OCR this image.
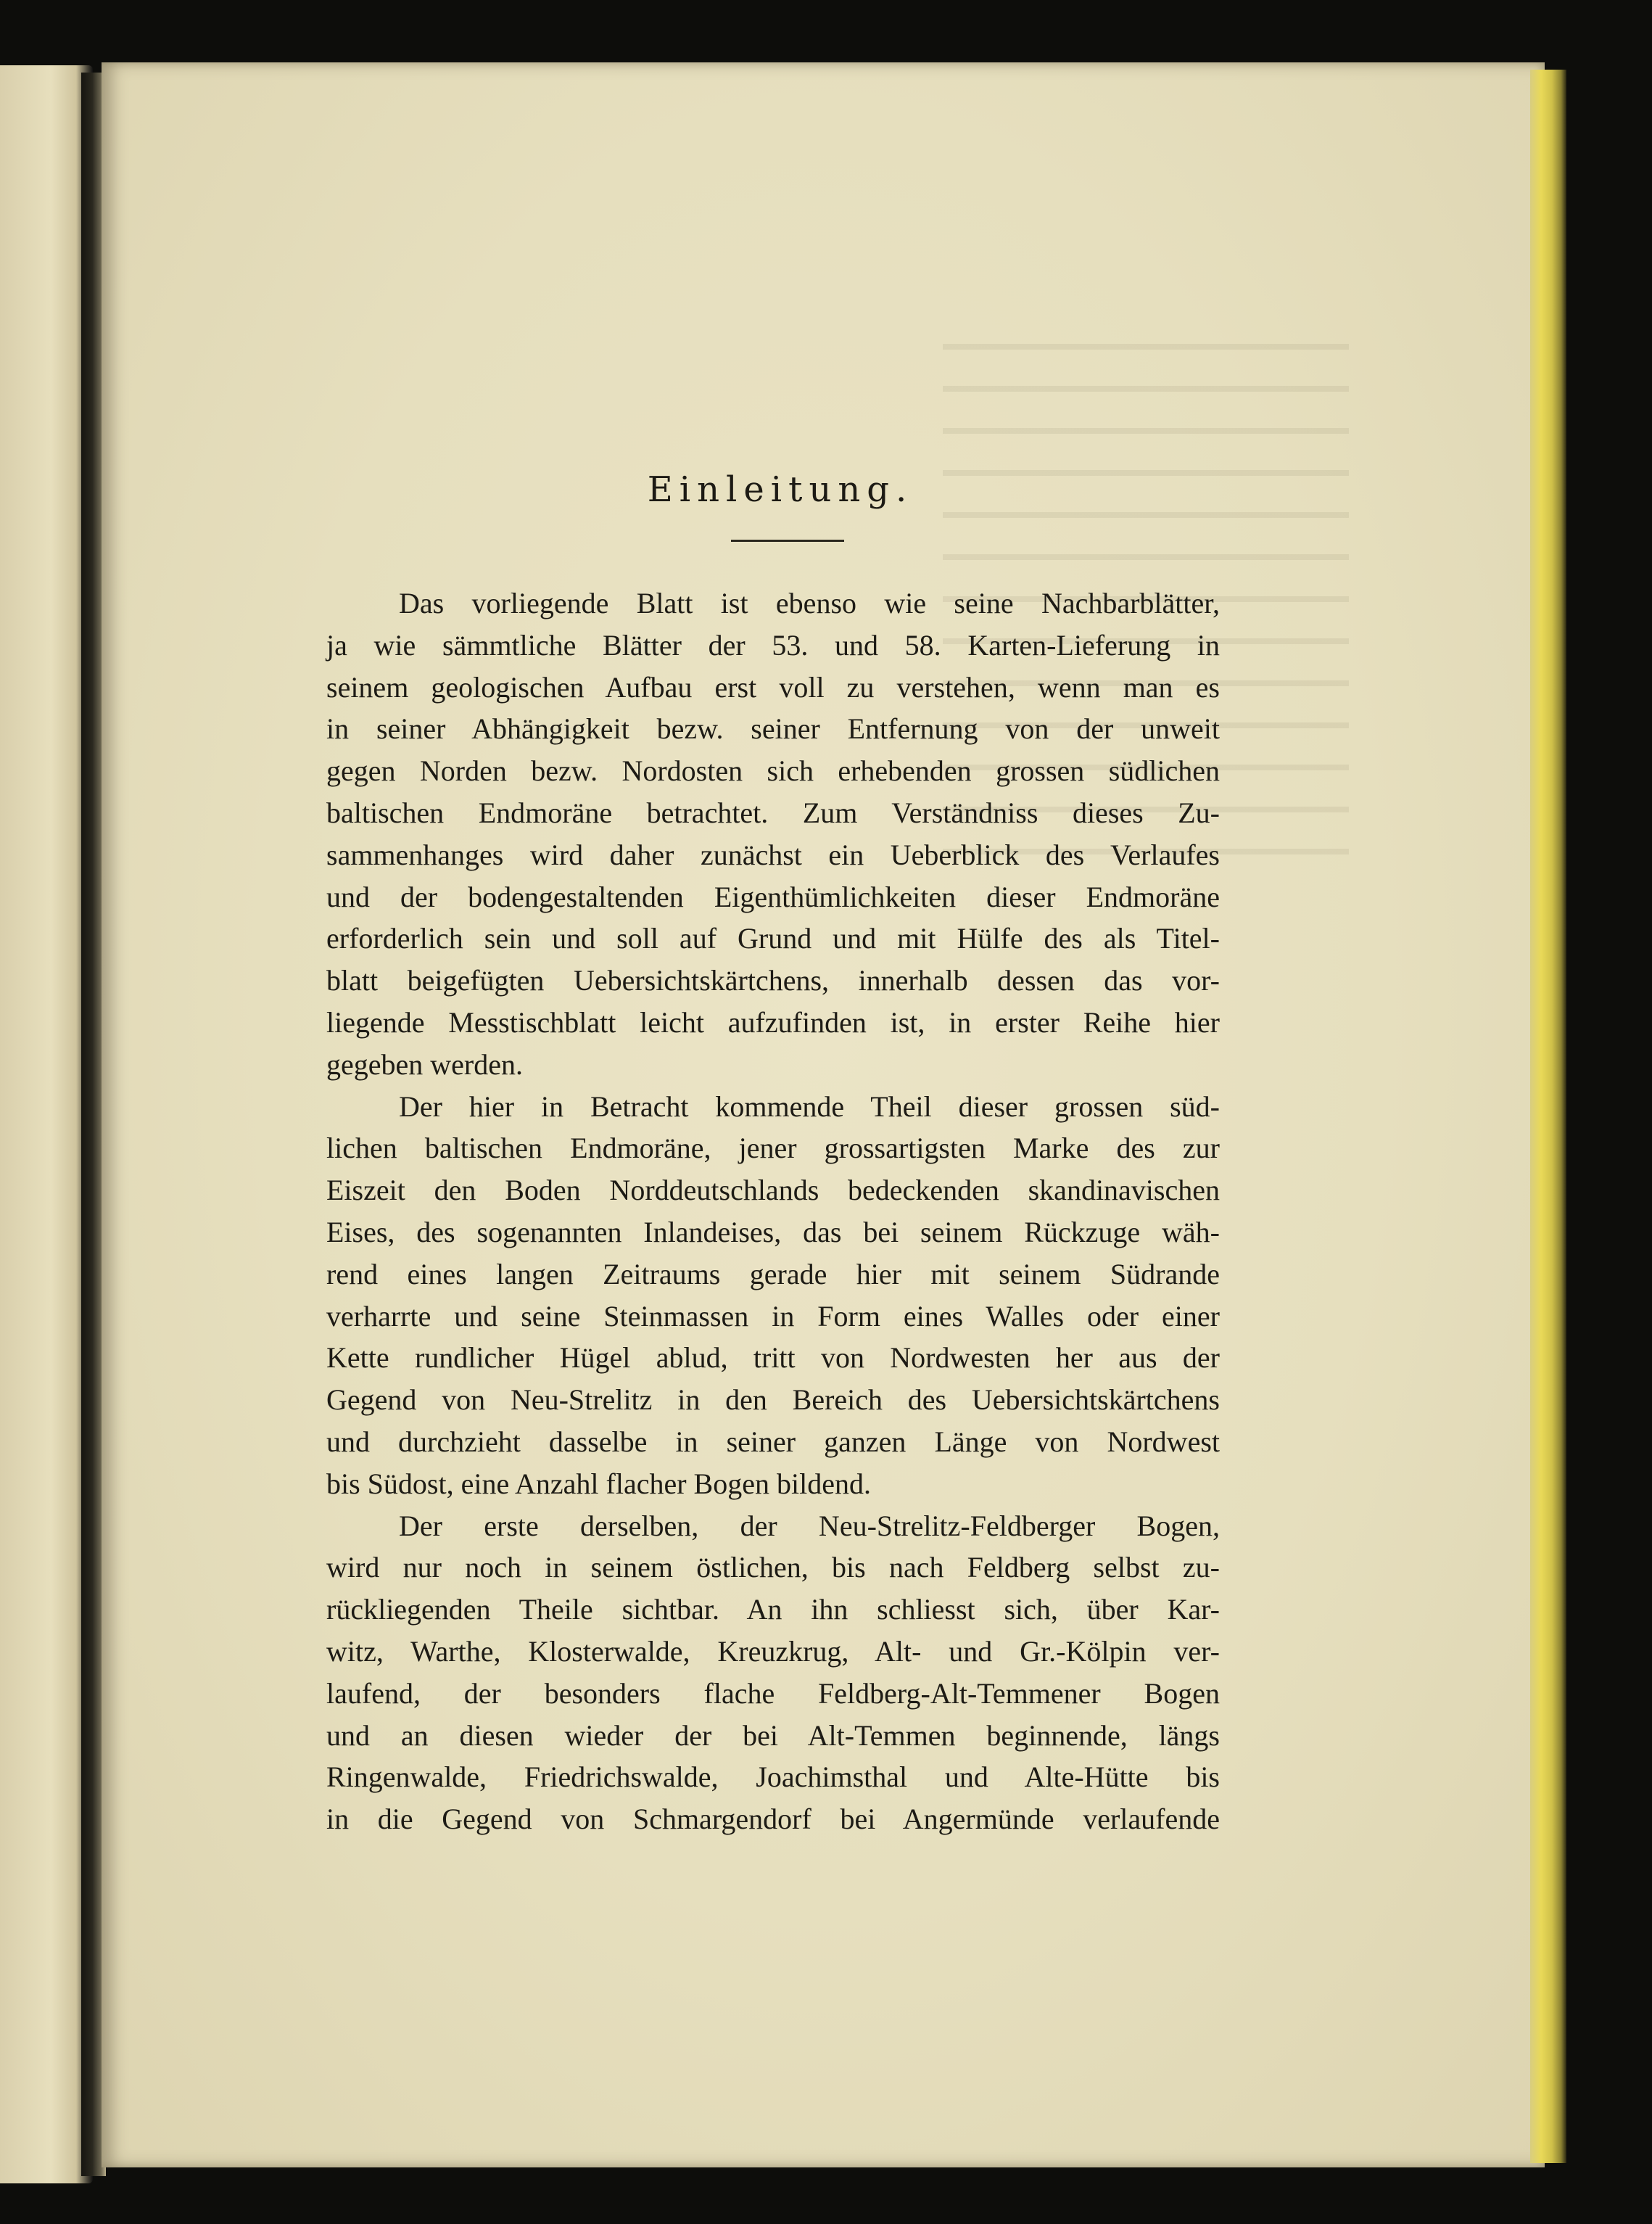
Einleitung.

Das vorliegende Blatt ist ebenso wie seine Nachbarblätter,
ja wie sämmtliche Blätter der 53. und 58. Karten-Lieferung in
seinem geologischen Aufbau erst voll zu verstehen, wenn man es
in seiner Abhängigkeit bezw. seiner Entfernung von der unweit
gegen Norden bezw. Nordosten sich erhebenden grossen südlichen
baltischen Endmoräne betrachtet. Zum Verständniss dieses Zu-
sammenhanges wird daher zunächst ein Ueberblick des Verlaufes
und der bodengestaltenden Eigenthümlichkeiten dieser Endmoräne
erforderlich sein und soll auf Grund und mit Hülfe des als Titel-
blatt beigefügten Uebersichtskärtchens, innerhalb dessen das vor-
liegende Messtischblatt leicht aufzufinden ist, in erster Reihe hier
gegeben werden.

Der hier in Betracht kommende Theil dieser grossen süd-
lichen baltischen Endmoräne, jener grossartigsten Marke des zur
Eiszeit den Boden Norddeutschlands bedeckenden skandinavischen
Eises, des sogenannten Inlandeises, das bei seinem Rückzuge wäh-
rend eines langen Zeitraums gerade hier mit seinem Südrande
verharrte und seine Steinmassen in Form eines Walles oder einer
Kette rundlicher Hügel ablud, tritt von Nordwesten her aus der
Gegend von Neu-Strelitz in den Bereich des Uebersichtskärtchens
und durchzieht dasselbe in seiner ganzen Länge von Nordwest
bis Südost, eine Anzahl flacher Bogen bildend.

Der erste derselben, der Neu-Strelitz-Feldberger Bogen,
wird nur noch in seinem östlichen, bis nach Feldberg selbst zu-
rückliegenden Theile sichtbar. An ihn schliesst sich, über Kar-
witz, Warthe, Klosterwalde, Kreuzkrug, Alt- und Gr.-Kölpin ver-
laufend, der besonders flache Feldberg-Alt-Temmener Bogen
und an diesen wieder der bei Alt-Temmen beginnende, längs
Ringenwalde, Friedrichswalde, Joachimsthal und Alte-Hütte bis
in die Gegend von Schmargendorf bei Angermünde verlaufende
